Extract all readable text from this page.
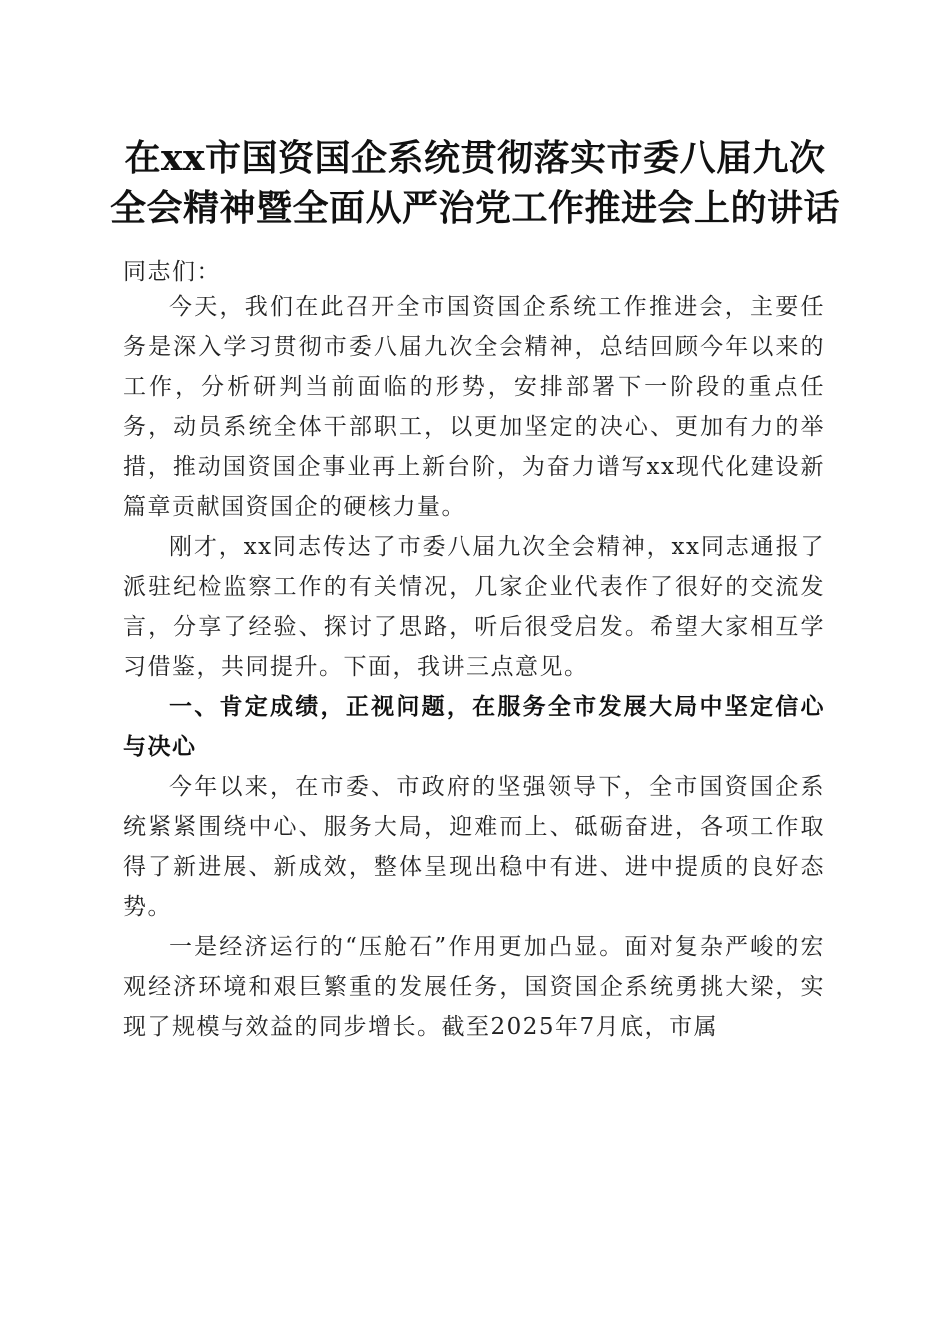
在xx市国资国企系统贯彻落实市委八届九次
全会精神暨全面从严治党工作推进会上的讲话

同志们：

今天，我们在此召开全市国资国企系统工作推进会，主要任务是深入学习贯彻市委八届九次全会精神，总结回顾今年以来的工作，分析研判当前面临的形势，安排部署下一阶段的重点任务，动员系统全体干部职工，以更加坚定的决心、更加有力的举措，推动国资国企事业再上新台阶，为奋力谱写xx现代化建设新篇章贡献国资国企的硬核力量。

刚才，xx同志传达了市委八届九次全会精神，xx同志通报了派驻纪检监察工作的有关情况，几家企业代表作了很好的交流发言，分享了经验、探讨了思路，听后很受启发。希望大家相互学习借鉴，共同提升。下面，我讲三点意见。

一、肯定成绩，正视问题，在服务全市发展大局中坚定信心与决心

今年以来，在市委、市政府的坚强领导下，全市国资国企系统紧紧围绕中心、服务大局，迎难而上、砥砺奋进，各项工作取得了新进展、新成效，整体呈现出稳中有进、进中提质的良好态势。

一是经济运行的“压舱石”作用更加凸显。面对复杂严峻的宏观经济环境和艰巨繁重的发展任务，国资国企系统勇挑大梁，实现了规模与效益的同步增长。截至2025年7月底，市属
